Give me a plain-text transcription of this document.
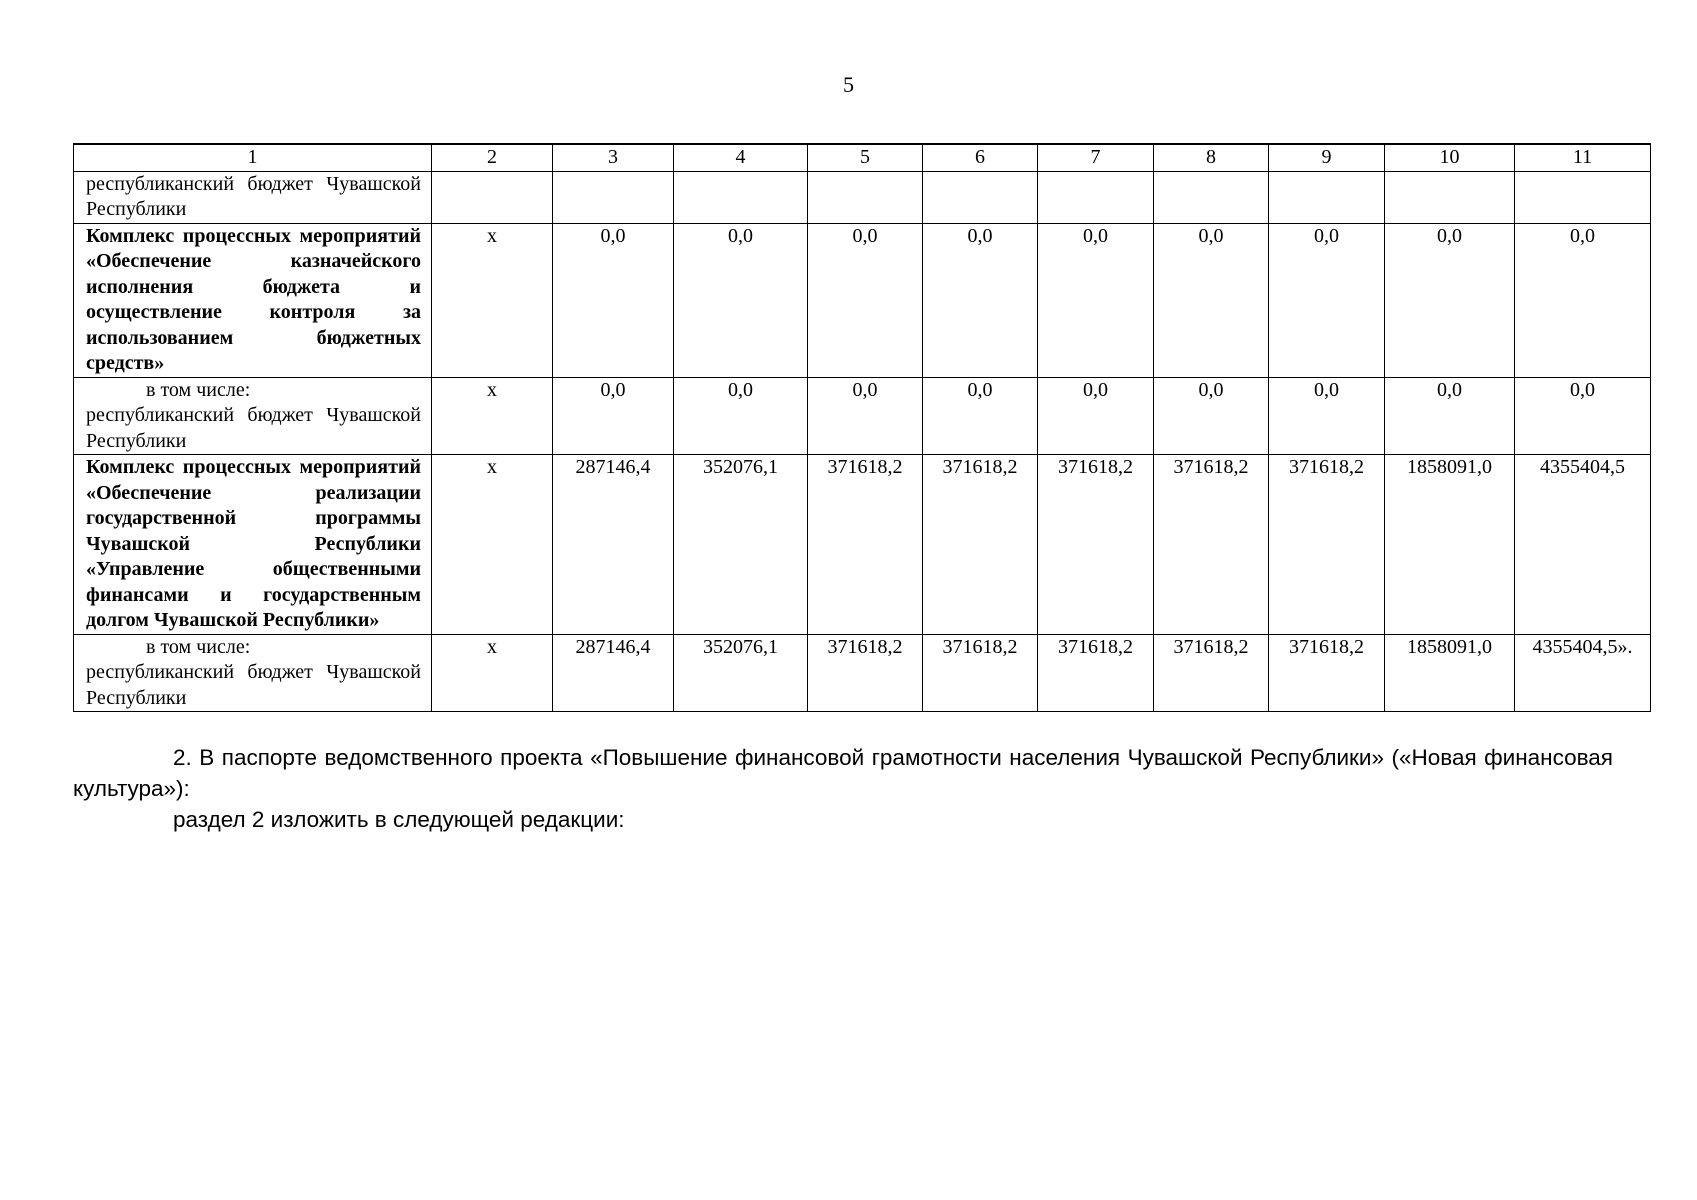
5
1	2	3	4	5	6	7	8	9	10	11
республиканский бюджет Чувашской Республики										
Комплекс процессных мероприятий «Обеспечение казначейского исполнения бюджета и осуществление контроля за использованием бюджетных средств»	х	0,0	0,0	0,0	0,0	0,0	0,0	0,0	0,0	0,0

в том числе:
республиканский бюджет Чувашской Республики	х	0,0	0,0	0,0	0,0	0,0	0,0	0,0	0,0	0,0
Комплекс процессных мероприятий «Обеспечение реализации государственной программы Чувашской Республики «Управление общественными финансами и государственным долгом Чувашской Республики»	х	287146,4	352076,1	371618,2	371618,2	371618,2	371618,2	371618,2	1858091,0	4355404,5

в том числе:
республиканский бюджет Чувашской Республики	х	287146,4	352076,1	371618,2	371618,2	371618,2	371618,2	371618,2	1858091,0	4355404,5».

2. В паспорте ведомственного проекта «Повышение финансовой грамотности населения Чувашской Республики» («Новая финансовая культура»):

раздел 2 изложить в следующей редакции:
